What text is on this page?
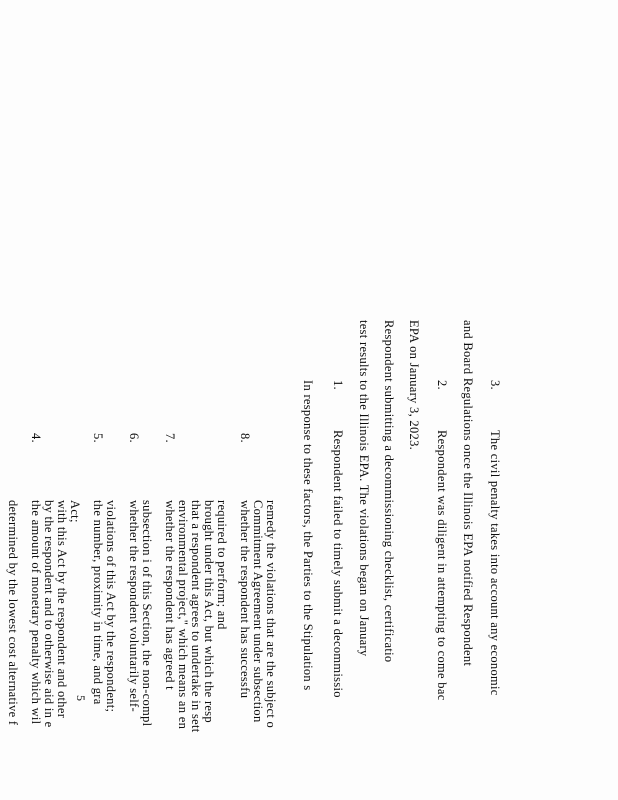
determined by the lowest cost alternative f
4.
the amount of monetary penalty which wil by the respondent and to otherwise aid in e with this Act by the respondent and other Act;
5.
the number, proximity in time, and gra violations of this Act by the respondent;
6.
whether the respondent voluntarily self- subsection i of this Section, the non-compl
7.
whether the respondent has agreed t environmental project," which means an en that a respondent agrees to undertake in sett brought under this Act, but which the resp required to perform; and
8.
whether the respondent has successfu Commitment Agreement under subsection remedy the violations that are the subject o In response to these factors, the Parties to the Stipulation s 1.
Respondent failed to timely submit a decommissio test results to the Illinois EPA. The violations began on January Respondent submitting a decommissioning checklist, certificatio EPA on January 3, 2023. 2.
Respondent was diligent in attempting to come bac and Board Regulations once the Illinois EPA notified Respondent 3.
The civil penalty takes into account any economic
5
